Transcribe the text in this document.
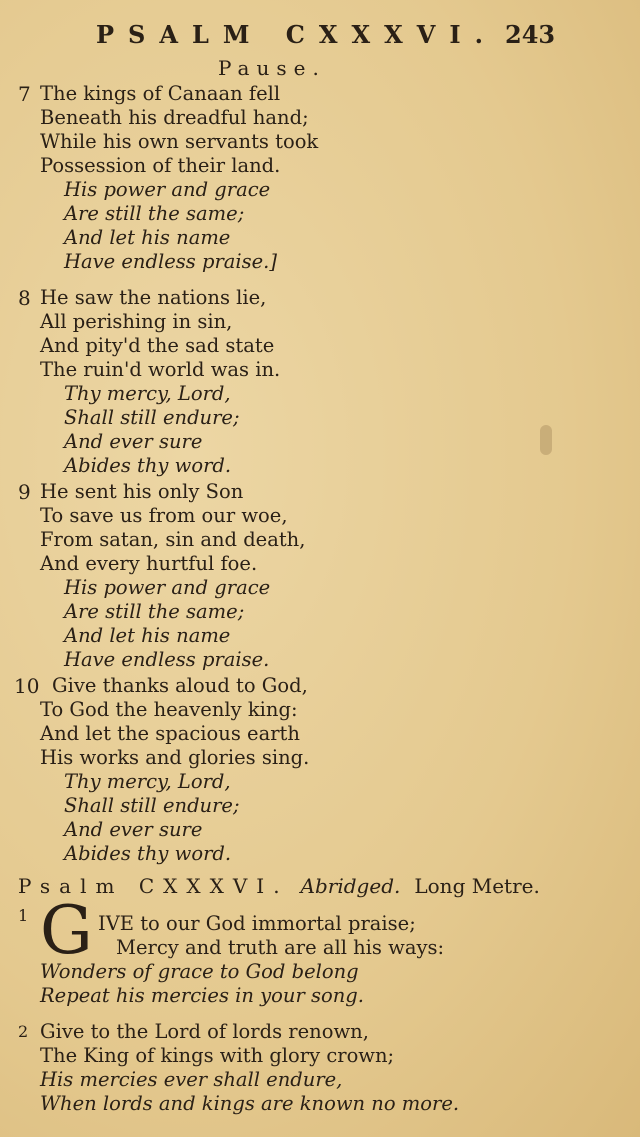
PSALM CXXXVI. 243
Pause.
7 The kings of Canaan fell
Beneath his dreadful hand;
While his own servants took
Possession of their land.
His power and grace
Are still the same;
And let his name
Have endless praise.]
8 He saw the nations lie,
All perishing in sin,
And pity'd the sad state
The ruin'd world was in.
Thy mercy, Lord,
Shall still endure;
And ever sure
Abides thy word.
9 He sent his only Son
To save us from our woe,
From satan, sin and death,
And every hurtful foe.
His power and grace
Are still the same;
And let his name
Have endless praise.
10 Give thanks aloud to God,
To God the heavenly king:
And let the spacious earth
His works and glories sing.
Thy mercy, Lord,
Shall still endure;
And ever sure
Abides thy word.
Psalm CXXXVI. Abridged. Long Metre.
1 G IVE to our God immortal praise;
Mercy and truth are all his ways:
Wonders of grace to God belong
Repeat his mercies in your song.
2 Give to the Lord of lords renown,
The King of kings with glory crown;
His mercies ever shall endure,
When lords and kings are known no more.
